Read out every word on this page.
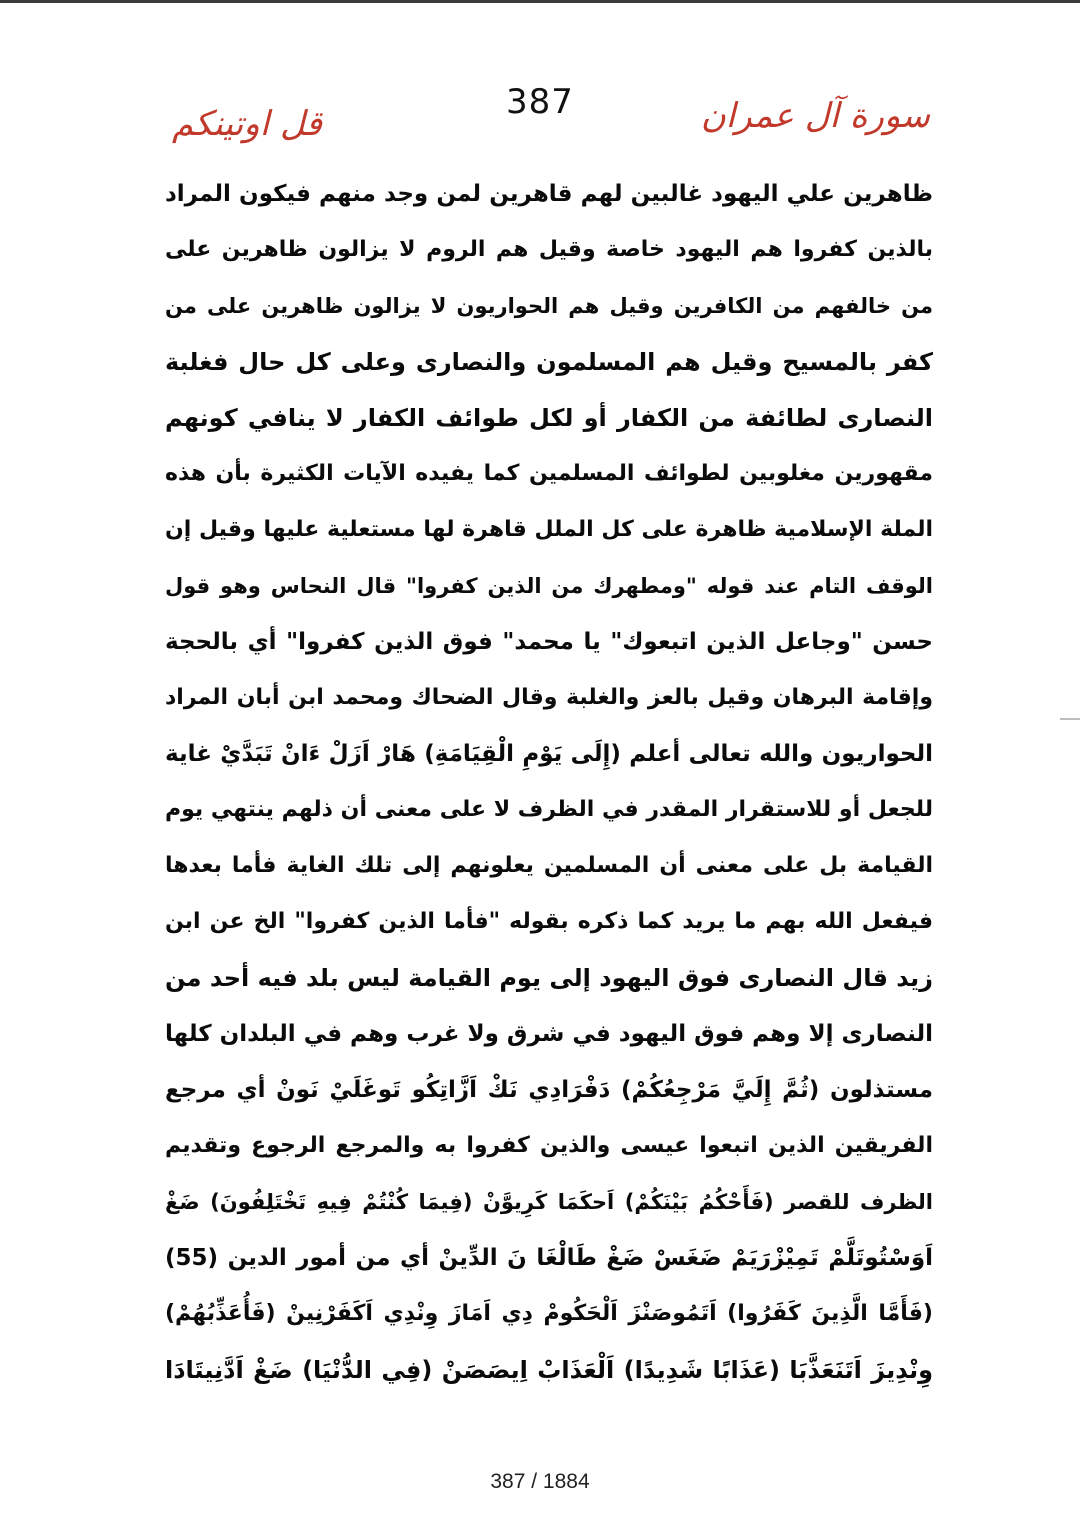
387	سورة آل عمران
قل اوتينكم
ظاهرين علي اليهود غالبين لهم قاهرين لمن وجد منهم فيكون المراد
بالذين كفروا هم اليهود خاصة وقيل هم الروم لا يزالون ظاهرين على
من خالفهم من الكافرين وقيل هم الحواريون لا يزالون ظاهرين على من
كفر بالمسيح وقيل هم المسلمون والنصارى وعلى كل حال فغلبة
النصارى لطائفة من الكفار أو لكل طوائف الكفار لا ينافي كونهم
مقهورين مغلوبين لطوائف المسلمين كما يفيده الآيات الكثيرة بأن هذه
الملة الإسلامية ظاهرة على كل الملل قاهرة لها مستعلية عليها وقيل إن
الوقف التام عند قوله "ومطهرك من الذين كفروا" قال النحاس وهو قول
حسن "وجاعل الذين اتبعوك" يا محمد" فوق الذين كفروا" أي بالحجة
وإقامة البرهان وقيل بالعز والغلبة وقال الضحاك ومحمد ابن أبان المراد
الحواريون والله تعالى أعلم (إِلَى يَوْمِ الْقِيَامَةِ) هَارْ اَزَلْ ءَانْ تَبَدَّيْ غاية
للجعل أو للاستقرار المقدر في الظرف لا على معنى أن ذلهم ينتهي يوم
القيامة بل على معنى أن المسلمين يعلونهم إلى تلك الغاية فأما بعدها
فيفعل الله بهم ما يريد كما ذكره بقوله "فأما الذين كفروا" الخ عن ابن
زيد قال النصارى فوق اليهود إلى يوم القيامة ليس بلد فيه أحد من
النصارى إلا وهم فوق اليهود في شرق ولا غرب وهم في البلدان كلها
مستذلون (ثُمَّ إِلَيَّ مَرْجِعُكُمْ) دَفْرَادِي نَكْ اَزَّاتِكُو تَوغَلَيْ نَونْ أي مرجع
الفريقين الذين اتبعوا عيسى والذين كفروا به والمرجع الرجوع وتقديم
الظرف للقصر (فَأَحْكُمُ بَيْنَكُمْ) اَحكَمَا كَرِيوَّنْ (فِيمَا كُنْتُمْ فِيهِ تَخْتَلِفُونَ) ضَغْ
اَوَسْتُوتَلَّمْ تَمِيْزْرَيَمْ ضَغَسْ ضَغْ طَالْغَا نَ الدِّينْ أي من أمور الدين (55)
(فَأَمَّا الَّذِينَ كَفَرُوا) اَتَمُوصَنْزَ اَلْحَكُومْ دِي اَمَازَ وِنْدِي اَكَفَرْنِينْ (فَأُعَذِّبُهُمْ)
وِنْدِيزَ اَتَنَعَذَّبَا (عَذَابًا شَدِيدًا) اَلْعَذَابْ اِيصَصَنْ (فِي الدُّنْيَا) ضَغْ اَدَّنِيتَادَا
387 / 1884
